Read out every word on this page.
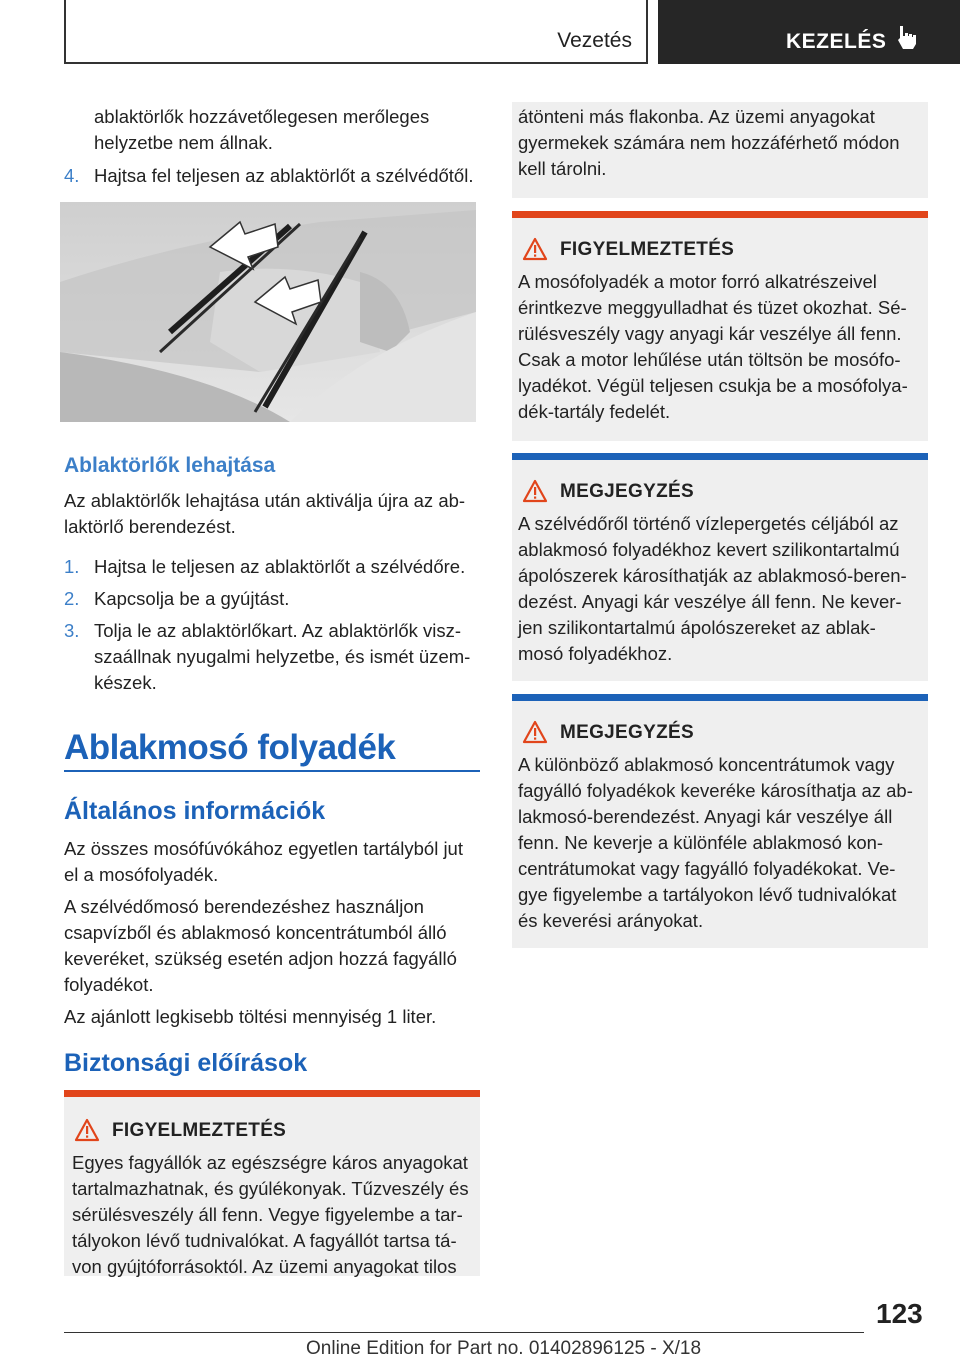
Vezetés	KEZELÉS
ablaktörlők hozzávetőlegesen merőleges
helyzetbe nem állnak.
4. Hajtsa fel teljesen az ablaktörlőt a szélvédőtől.
Ablaktörlők lehajtása
Az ablaktörlők lehajtása után aktiválja újra az ab-
laktörlő berendezést.
1. Hajtsa le teljesen az ablaktörlőt a szélvédőre.
2. Kapcsolja be a gyújtást.
3. Tolja le az ablaktörlőkart. Az ablaktörlők visz-
szaállnak nyugalmi helyzetbe, és ismét üzem-
készek.
Ablakmosó folyadék
Általános információk
Az összes mosófúvókához egyetlen tartályból jut
el a mosófolyadék.
A szélvédőmosó berendezéshez használjon
csapvízből és ablakmosó koncentrátumból álló
keveréket, szükség esetén adjon hozzá fagyálló
folyadékot.
Az ajánlott legkisebb töltési mennyiség 1 liter.
Biztonsági előírások
FIGYELMEZTETÉS
Egyes fagyállók az egészségre káros anyagokat
tartalmazhatnak, és gyúlékonyak. Tűzveszély és
sérülésveszély áll fenn. Vegye figyelembe a tar-
tályokon lévő tudnivalókat. A fagyállót tartsa tá-
von gyújtóforrásoktól. Az üzemi anyagokat tilos
átönteni más flakonba. Az üzemi anyagokat
gyermekek számára nem hozzáférhető módon
kell tárolni.
FIGYELMEZTETÉS
A mosófolyadék a motor forró alkatrészeivel
érintkezve meggyulladhat és tüzet okozhat. Sé-
rülésveszély vagy anyagi kár veszélye áll fenn.
Csak a motor lehűlése után töltsön be mosófo-
lyadékot. Végül teljesen csukja be a mosófolya-
dék-tartály fedelét.
MEGJEGYZÉS
A szélvédőről történő vízlepergetés céljából az
ablakmosó folyadékhoz kevert szilikontartalmú
ápolószerek károsíthatják az ablakmosó-beren-
dezést. Anyagi kár veszélye áll fenn. Ne kever-
jen szilikontartalmú ápolószereket az ablak-
mosó folyadékhoz.
MEGJEGYZÉS
A különböző ablakmosó koncentrátumok vagy
fagyálló folyadékok keveréke károsíthatja az ab-
lakmosó-berendezést. Anyagi kár veszélye áll
fenn. Ne keverje a különféle ablakmosó kon-
centrátumokat vagy fagyálló folyadékokat. Ve-
gye figyelembe a tartályokon lévő tudnivalókat
és keverési arányokat.
123
Online Edition for Part no. 01402896125 - X/18
